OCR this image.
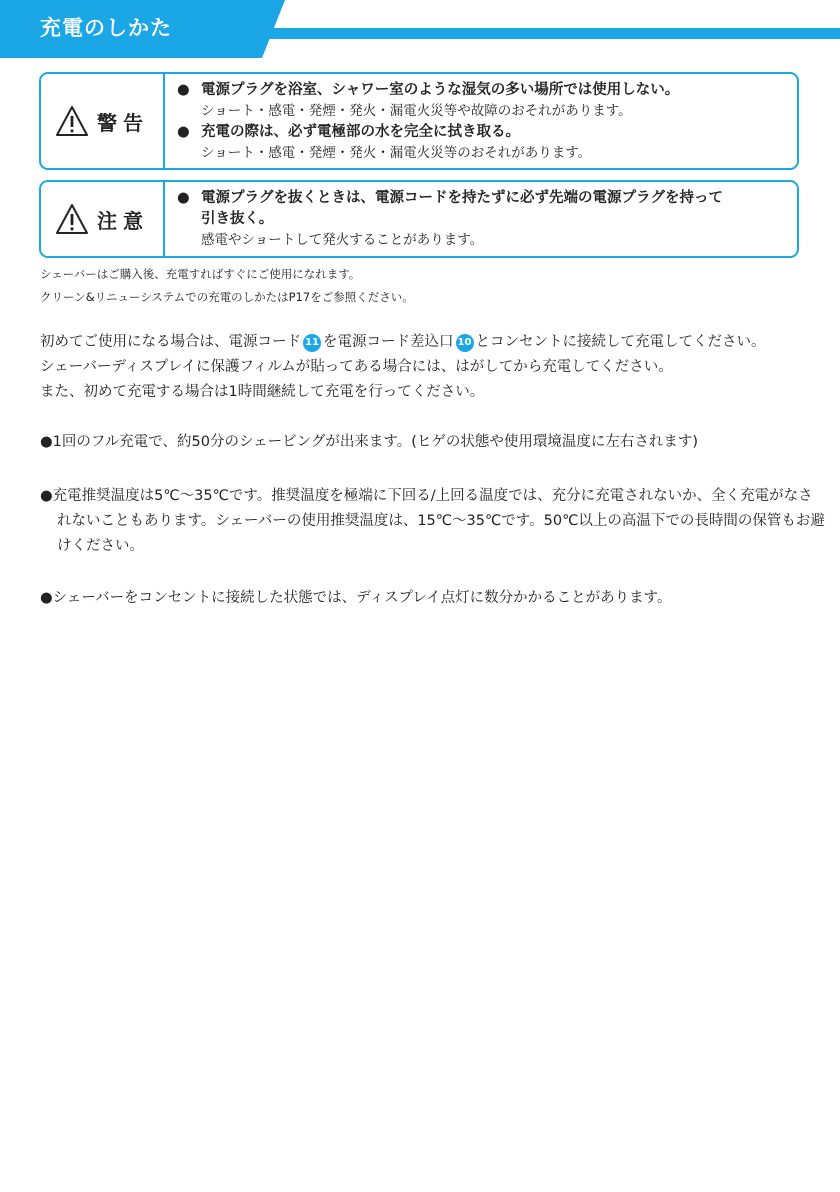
充電のしかた
警告
● 電源プラグを浴室、シャワー室のような湿気の多い場所では使用しない。
ショート・感電・発煙・発火・漏電火災等や故障のおそれがあります。
● 充電の際は、必ず電極部の水を完全に拭き取る。
ショート・感電・発煙・発火・漏電火災等のおそれがあります。
注意
● 電源プラグを抜くときは、電源コードを持たずに必ず先端の電源プラグを持って
引き抜く。
感電やショートして発火することがあります。
シェーバーはご購入後、充電すればすぐにご使用になれます。
クリーン&リニューシステムでの充電のしかたはP17をご参照ください。
初めてご使用になる場合は、電源コード 11 を電源コード差込口 10 とコンセントに接続して充電してください。
シェーバーディスプレイに保護フィルムが貼ってある場合には、はがしてから充電してください。
また、初めて充電する場合は1時間継続して充電を行ってください。
●1回のフル充電で、約50分のシェービングが出来ます。(ヒゲの状態や使用環境温度に左右されます)
●充電推奨温度は5℃〜35℃です。推奨温度を極端に下回る/上回る温度では、充分に充電されないか、全く充電がなされないこともあります。シェーバーの使用推奨温度は、15℃〜35℃です。50℃以上の高温下での長時間の保管もお避けください。
●シェーバーをコンセントに接続した状態では、ディスプレイ点灯に数分かかることがあります。
